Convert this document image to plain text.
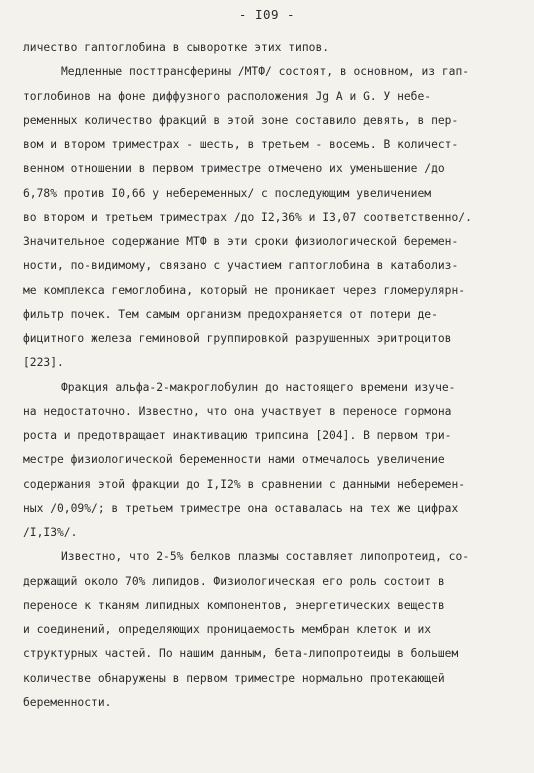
- I09 -
личество гаптоглобина в сыворотке этих типов.
Медленные посттрансферины /МТФ/ состоят, в основном, из гап-
тоглобинов на фоне диффузного расположения Jg A и G. У небе-
ременных количество фракций в этой зоне составило девять, в пер-
вом и втором триместрах - шесть, в третьем - восемь. В количест-
венном отношении в первом триместре отмечено их уменьшение /до
6,78% против I0,66 у небеременных/ с последующим увеличением
во втором и третьем триместрах /до I2,36% и I3,07 соответственно/.
Значительное содержание МТФ в эти сроки физиологической беремен-
ности, по-видимому, связано с участием гаптоглобина в катаболиз-
ме комплекса гемоглобина, который не проникает через гломерулярн-
фильтр почек. Тем самым организм предохраняется от потери де-
фицитного железа геминовой группировкой разрушенных эритроцитов
[223].
Фракция альфа-2-макроглобулин до настоящего времени изуче-
на недостаточно. Известно, что она участвует в переносе гормона
роста и предотвращает инактивацию трипсина [204]. В первом три-
местре физиологической беременности нами отмечалось увеличение
содержания этой фракции до I,I2% в сравнении с данными неберемен-
ных /0,09%/; в третьем триместре она оставалась на тех же цифрах
/I,I3%/.
Известно, что 2-5% белков плазмы составляет липопротеид, со-
держащий около 70% липидов. Физиологическая его роль состоит в
переносе к тканям липидных компонентов, энергетических веществ
и соединений, определяющих проницаемость мембран клеток и их
структурных частей. По нашим данным, бета-липопротеиды в большем
количестве обнаружены в первом триместре нормально протекающей
беременности.
